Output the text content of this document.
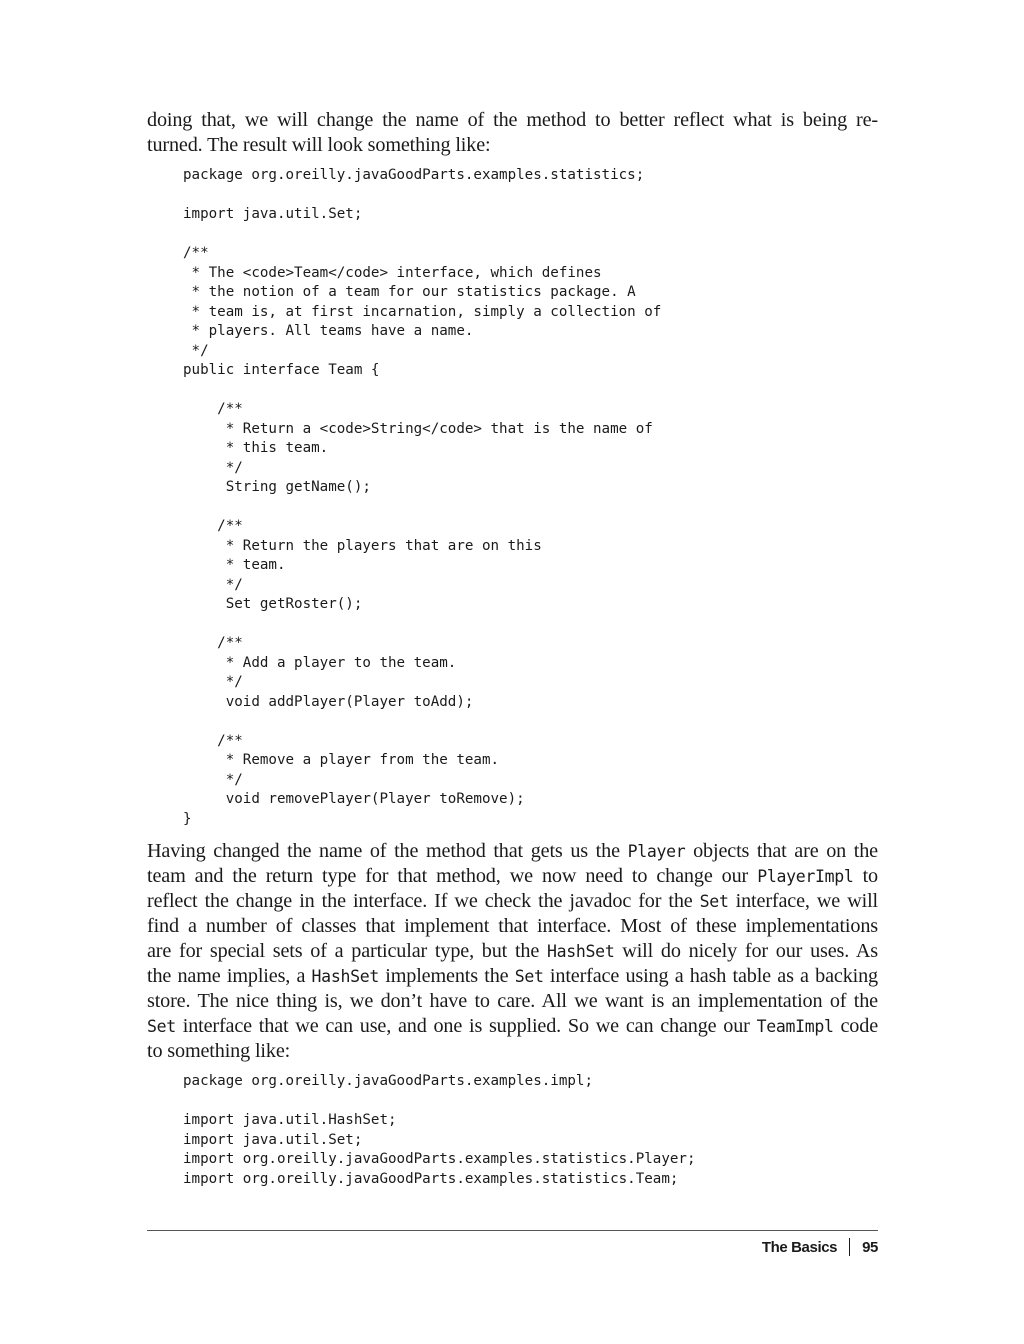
doing that, we will change the name of the method to better reflect what is being re-
turned. The result will look something like:

package org.oreilly.javaGoodParts.examples.statistics;

import java.util.Set;

/**
* The <code>Team</code> interface, which defines
* the notion of a team for our statistics package. A
* team is, at first incarnation, simply a collection of
* players. All teams have a name.
*/
public interface Team {

/**
* Return a <code>String</code> that is the name of
* this team.
*/
String getName();

/**
* Return the players that are on this
* team.
*/
Set getRoster();

/**
* Add a player to the team.
*/
void addPlayer(Player toAdd);

/**
* Remove a player from the team.
*/
void removePlayer(Player toRemove);
}

Having changed the name of the method that gets us the Player objects that are on the
team and the return type for that method, we now need to change our PlayerImpl to
reflect the change in the interface. If we check the javadoc for the Set interface, we will
find a number of classes that implement that interface. Most of these implementations
are for special sets of a particular type, but the HashSet will do nicely for our uses. As
the name implies, a HashSet implements the Set interface using a hash table as a backing
store. The nice thing is, we don’t have to care. All we want is an implementation of the
Set interface that we can use, and one is supplied. So we can change our TeamImpl code
to something like:

package org.oreilly.javaGoodParts.examples.impl;

import java.util.HashSet;
import java.util.Set;
import org.oreilly.javaGoodParts.examples.statistics.Player;
import org.oreilly.javaGoodParts.examples.statistics.Team;
The Basics 95
